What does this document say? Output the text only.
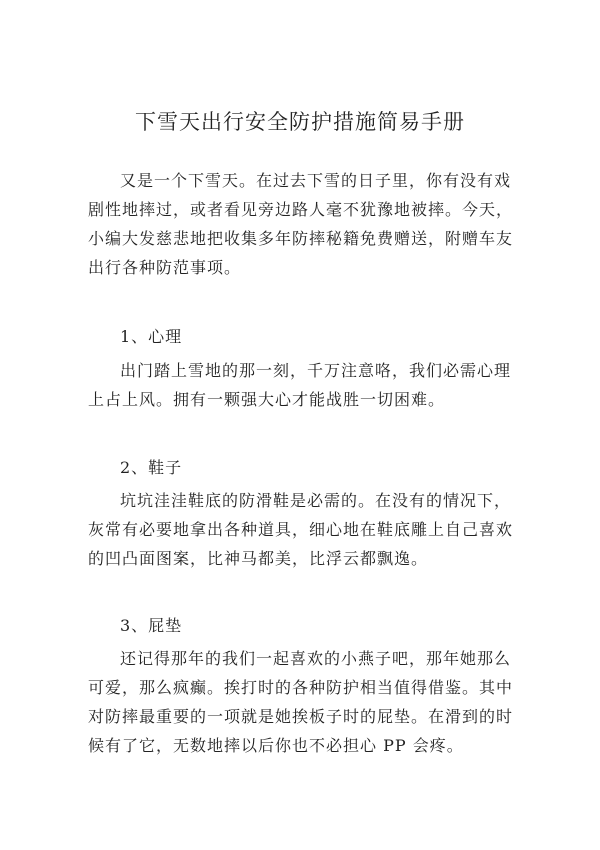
下雪天出行安全防护措施简易手册

又是一个下雪天。在过去下雪的日子里，你有没有戏剧性地摔过，或者看见旁边路人毫不犹豫地被摔。今天，小编大发慈悲地把收集多年防摔秘籍免费赠送，附赠车友出行各种防范事项。

1、心理

出门踏上雪地的那一刻，千万注意咯，我们必需心理上占上风。拥有一颗强大心才能战胜一切困难。

2、鞋子

坑坑洼洼鞋底的防滑鞋是必需的。在没有的情况下，灰常有必要地拿出各种道具，细心地在鞋底雕上自己喜欢的凹凸面图案，比神马都美，比浮云都飘逸。

3、屁垫

还记得那年的我们一起喜欢的小燕子吧，那年她那么可爱，那么疯癫。挨打时的各种防护相当值得借鉴。其中对防摔最重要的一项就是她挨板子时的屁垫。在滑到的时候有了它，无数地摔以后你也不必担心 PP 会疼。
